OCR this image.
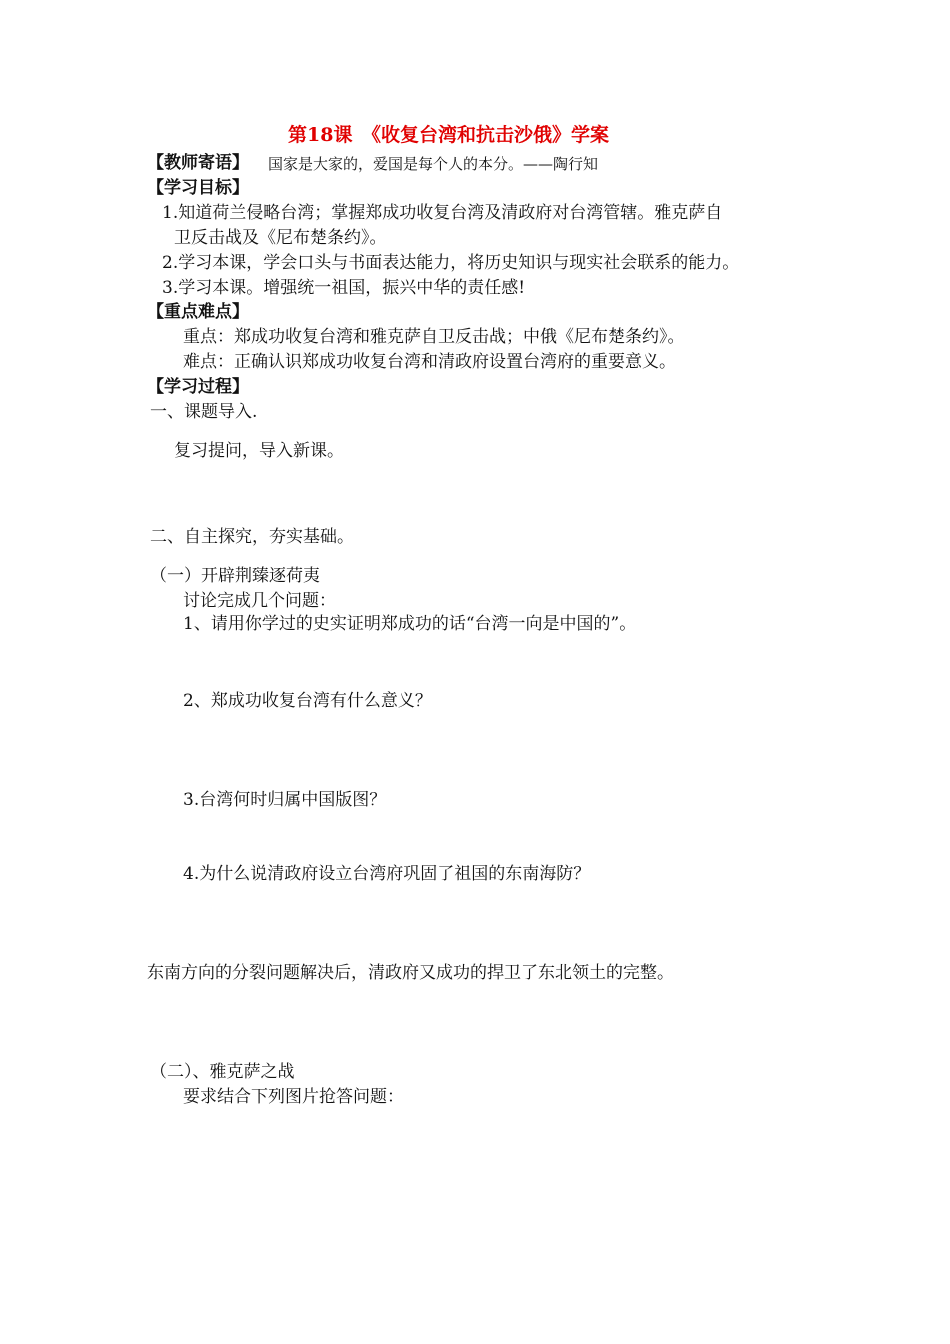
第18课　《收复台湾和抗击沙俄》学案
【教师寄语】 国家是大家的，爱国是每个人的本分。——陶行知
【学习目标】
1.知道荷兰侵略台湾；掌握郑成功收复台湾及清政府对台湾管辖。雅克萨自
卫反击战及《尼布楚条约》。
2.学习本课，学会口头与书面表达能力，将历史知识与现实社会联系的能力。
3.学习本课。增强统一祖国，振兴中华的责任感!
【重点难点】
重点：郑成功收复台湾和雅克萨自卫反击战；中俄《尼布楚条约》。
难点：正确认识郑成功收复台湾和清政府设置台湾府的重要意义。
【学习过程】
一、课题导入.
复习提问，导入新课。
二、自主探究，夯实基础。
（一）开辟荆臻逐荷夷
讨论完成几个问题：
1、请用你学过的史实证明郑成功的话“台湾一向是中国的”。
2、郑成功收复台湾有什么意义？
3.台湾何时归属中国版图？
4.为什么说清政府设立台湾府巩固了祖国的东南海防？
东南方向的分裂问题解决后，清政府又成功的捍卫了东北领土的完整。
（二）、雅克萨之战
要求结合下列图片抢答问题：
